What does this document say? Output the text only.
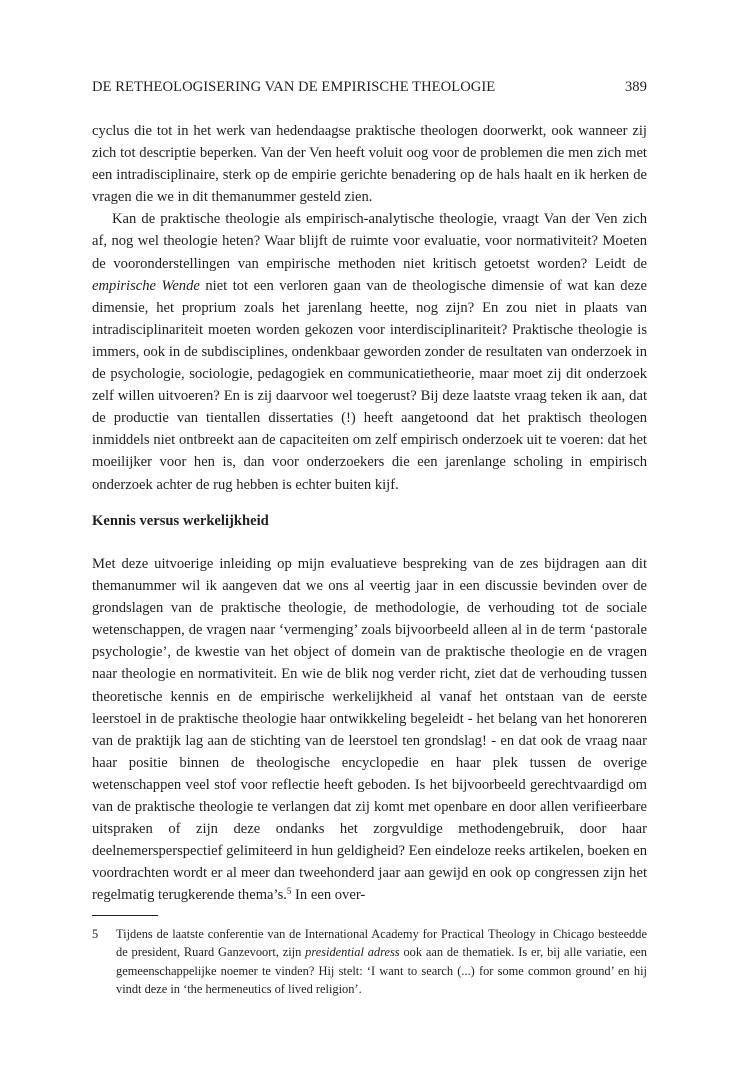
DE RETHEOLOGISERING VAN DE EMPIRISCHE THEOLOGIE	389

cyclus die tot in het werk van hedendaagse praktische theologen doorwerkt, ook wanneer zij zich tot descriptie beperken. Van der Ven heeft voluit oog voor de problemen die men zich met een intradisciplinaire, sterk op de empirie gerichte benadering op de hals haalt en ik herken de vragen die we in dit themanummer gesteld zien.

Kan de praktische theologie als empirisch-analytische theologie, vraagt Van der Ven zich af, nog wel theologie heten? Waar blijft de ruimte voor evaluatie, voor normativiteit? Moeten de vooronderstellingen van empirische methoden niet kritisch getoetst worden? Leidt de empirische Wende niet tot een verloren gaan van de theologische dimensie of wat kan deze dimensie, het proprium zoals het jarenlang heette, nog zijn? En zou niet in plaats van intradisciplinariteit moeten worden gekozen voor interdisciplinariteit? Praktische theologie is immers, ook in de subdisciplines, ondenkbaar geworden zonder de resultaten van onderzoek in de psychologie, sociologie, pedagogiek en communicatietheorie, maar moet zij dit onderzoek zelf willen uitvoeren? En is zij daarvoor wel toegerust? Bij deze laatste vraag teken ik aan, dat de productie van tientallen dissertaties (!) heeft aangetoond dat het praktisch theologen inmiddels niet ontbreekt aan de capaciteiten om zelf empirisch onderzoek uit te voeren: dat het moeilijker voor hen is, dan voor onderzoekers die een jarenlange scholing in empirisch onderzoek achter de rug hebben is echter buiten kijf.

Kennis versus werkelijkheid

Met deze uitvoerige inleiding op mijn evaluatieve bespreking van de zes bijdragen aan dit themanummer wil ik aangeven dat we ons al veertig jaar in een discussie bevinden over de grondslagen van de praktische theologie, de methodologie, de verhouding tot de sociale wetenschappen, de vragen naar ‘vermenging’ zoals bijvoorbeeld alleen al in de term ‘pastorale psychologie’, de kwestie van het object of domein van de praktische theologie en de vragen naar theologie en normativiteit. En wie de blik nog verder richt, ziet dat de verhouding tussen theoretische kennis en de empirische werkelijkheid al vanaf het ontstaan van de eerste leerstoel in de praktische theologie haar ontwikkeling begeleidt - het belang van het honoreren van de praktijk lag aan de stichting van de leerstoel ten grondslag! - en dat ook de vraag naar haar positie binnen de theologische encyclopedie en haar plek tussen de overige wetenschappen veel stof voor reflectie heeft geboden. Is het bijvoorbeeld gerechtvaardigd om van de praktische theologie te verlangen dat zij komt met openbare en door allen verifieerbare uitspraken of zijn deze ondanks het zorgvuldige methodengebruik, door haar deelnemersperspectief gelimiteerd in hun geldigheid? Een eindeloze reeks artikelen, boeken en voordrachten wordt er al meer dan tweehonderd jaar aan gewijd en ook op congressen zijn het regelmatig terugkerende thema’s.$^5$ In een over-

5	Tijdens de laatste conferentie van de International Academy for Practical Theology in Chicago besteedde de president, Ruard Ganzevoort, zijn presidential adress ook aan de thematiek. Is er, bij alle variatie, een gemeenschappelijke noemer te vinden? Hij stelt: ‘I want to search (...) for some common ground’ en hij vindt deze in ‘the hermeneutics of lived religion’.
